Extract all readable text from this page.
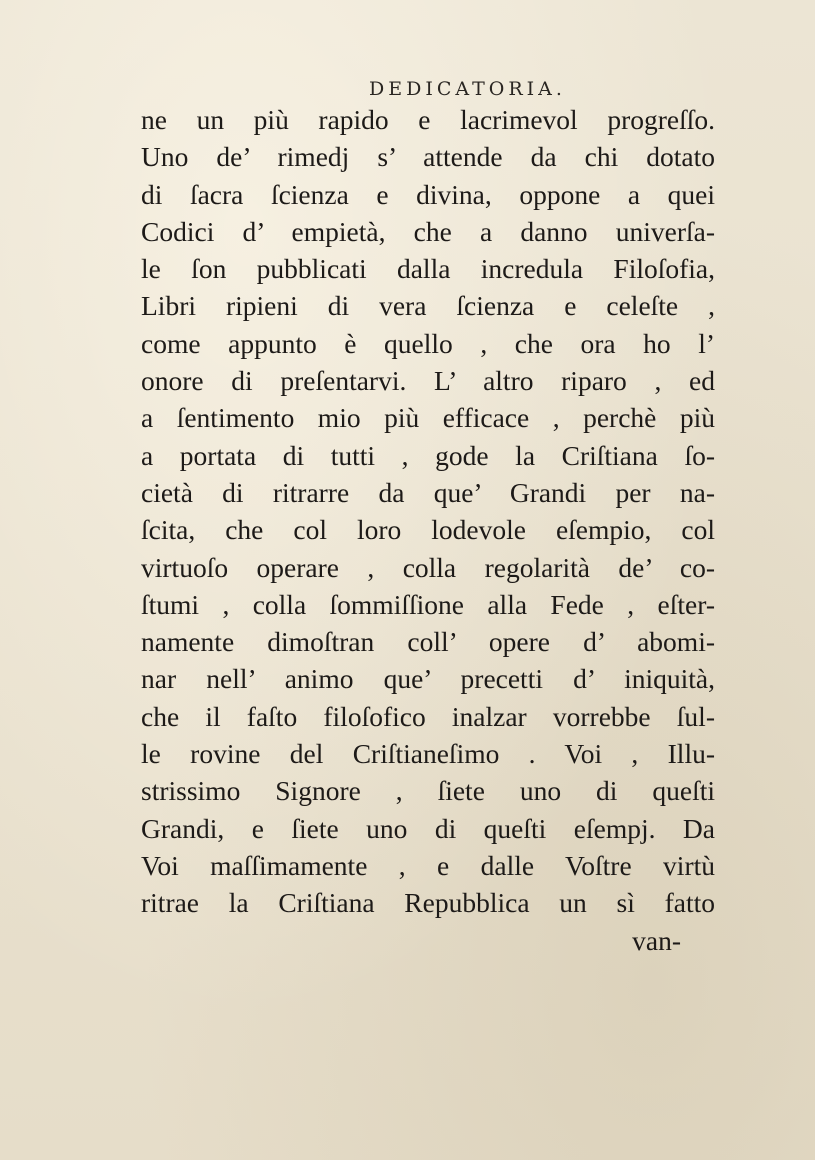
DEDICATORIA.
ne un più rapido e lacrimevol progreſſo.
Uno de’ rimedj s’ attende da chi dotato
di ſacra ſcienza e divina, oppone a quei
Codici d’ empietà, che a danno univerſa-
le ſon pubblicati dalla incredula Filoſofia,
Libri ripieni di vera ſcienza e celeſte ,
come appunto è quello , che ora ho l’
onore di preſentarvi. L’ altro riparo , ed
a ſentimento mio più efficace , perchè più
a portata di tutti , gode la Criſtiana ſo-
cietà di ritrarre da que’ Grandi per na-
ſcita, che col loro lodevole eſempio, col
virtuoſo operare , colla regolarità de’ co-
ſtumi , colla ſommiſſione alla Fede , eſter-
namente dimoſtran coll’ opere d’ abomi-
nar nell’ animo que’ precetti d’ iniquità,
che il faſto filoſofico inalzar vorrebbe ſul-
le rovine del Criſtianeſimo . Voi , Illu-
strissimo Signore , ſiete uno di queſti
Grandi, e ſiete uno di queſti eſempj. Da
Voi maſſimamente , e dalle Voſtre virtù
ritrae la Criſtiana Repubblica un sì fatto
van-
